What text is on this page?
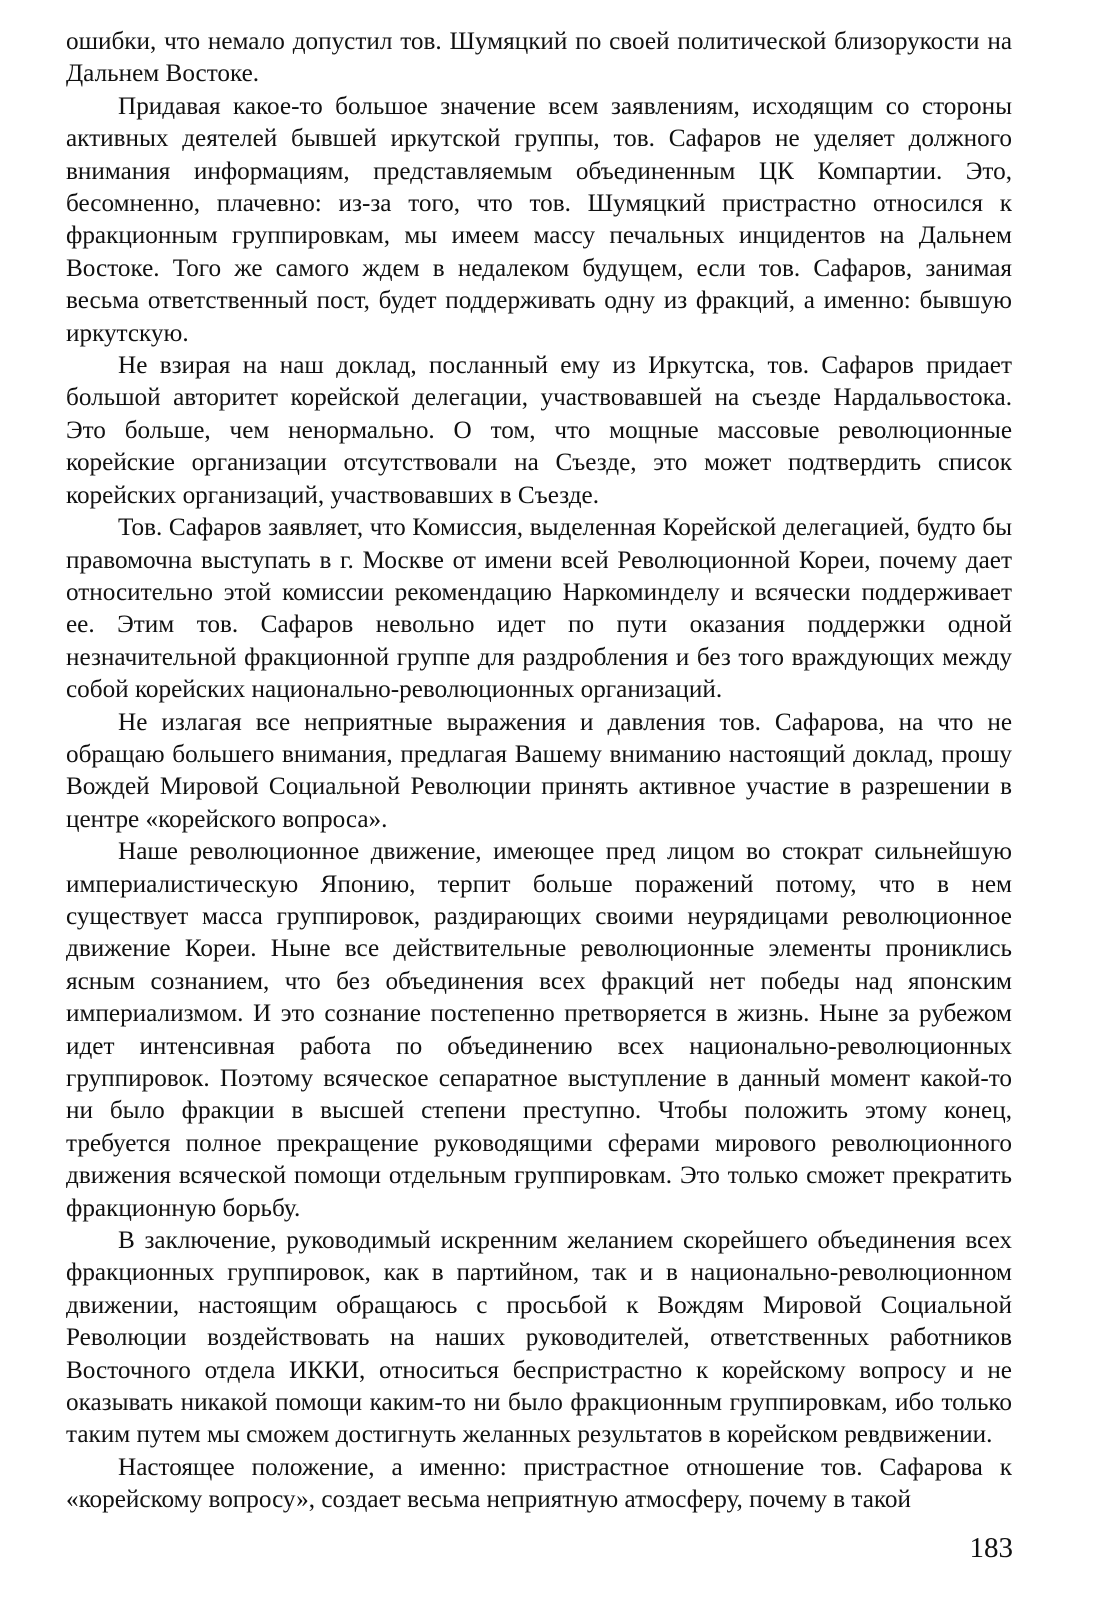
ошибки, что немало допустил тов. Шумяцкий по своей политической близорукости на Дальнем Востоке.

Придавая какое-то большое значение всем заявлениям, исходящим со стороны активных деятелей бывшей иркутской группы, тов. Сафаров не уделяет должного внимания информациям, представляемым объединенным ЦК Компартии. Это, бесомненно, плачевно: из-за того, что тов. Шумяцкий пристрастно относился к фракционным группировкам, мы имеем массу печальных инцидентов на Дальнем Востоке. Того же самого ждем в недалеком будущем, если тов. Сафаров, занимая весьма ответственный пост, будет поддерживать одну из фракций, а именно: бывшую иркутскую.

Не взирая на наш доклад, посланный ему из Иркутска, тов. Сафаров придает большой авторитет корейской делегации, участвовавшей на съезде Нардальвостока. Это больше, чем ненормально. О том, что мощные массовые революционные корейские организации отсутствовали на Съезде, это может подтвердить список корейских организаций, участвовавших в Съезде.

Тов. Сафаров заявляет, что Комиссия, выделенная Корейской делегацией, будто бы правомочна выступать в г. Москве от имени всей Революционной Кореи, почему дает относительно этой комиссии рекомендацию Наркоминделу и всячески поддерживает ее. Этим тов. Сафаров невольно идет по пути оказания поддержки одной незначительной фракционной группе для раздробления и без того враждующих между собой корейских национально-революционных организаций.

Не излагая все неприятные выражения и давления тов. Сафарова, на что не обращаю большего внимания, предлагая Вашему вниманию настоящий доклад, прошу Вождей Мировой Социальной Революции принять активное участие в разрешении в центре «корейского вопроса».

Наше революционное движение, имеющее пред лицом во стократ сильнейшую империалистическую Японию, терпит больше поражений потому, что в нем существует масса группировок, раздирающих своими неурядицами революционное движение Кореи. Ныне все действительные революционные элементы прониклись ясным сознанием, что без объединения всех фракций нет победы над японским империализмом. И это сознание постепенно претворяется в жизнь. Ныне за рубежом идет интенсивная работа по объединению всех национально-революционных группировок. Поэтому всяческое сепаратное выступление в данный момент какой-то ни было фракции в высшей степени преступно. Чтобы положить этому конец, требуется полное прекращение руководящими сферами мирового революционного движения всяческой помощи отдельным группировкам. Это только сможет прекратить фракционную борьбу.

В заключение, руководимый искренним желанием скорейшего объединения всех фракционных группировок, как в партийном, так и в национально-революционном движении, настоящим обращаюсь с просьбой к Вождям Мировой Социальной Революции воздействовать на наших руководителей, ответственных работников Восточного отдела ИККИ, относиться беспристрастно к корейскому вопросу и не оказывать никакой помощи каким-то ни было фракционным группировкам, ибо только таким путем мы сможем достигнуть желанных результатов в корейском ревдвижении.

Настоящее положение, а именно: пристрастное отношение тов. Сафарова к «корейскому вопросу», создает весьма неприятную атмосферу, почему в такой

183
